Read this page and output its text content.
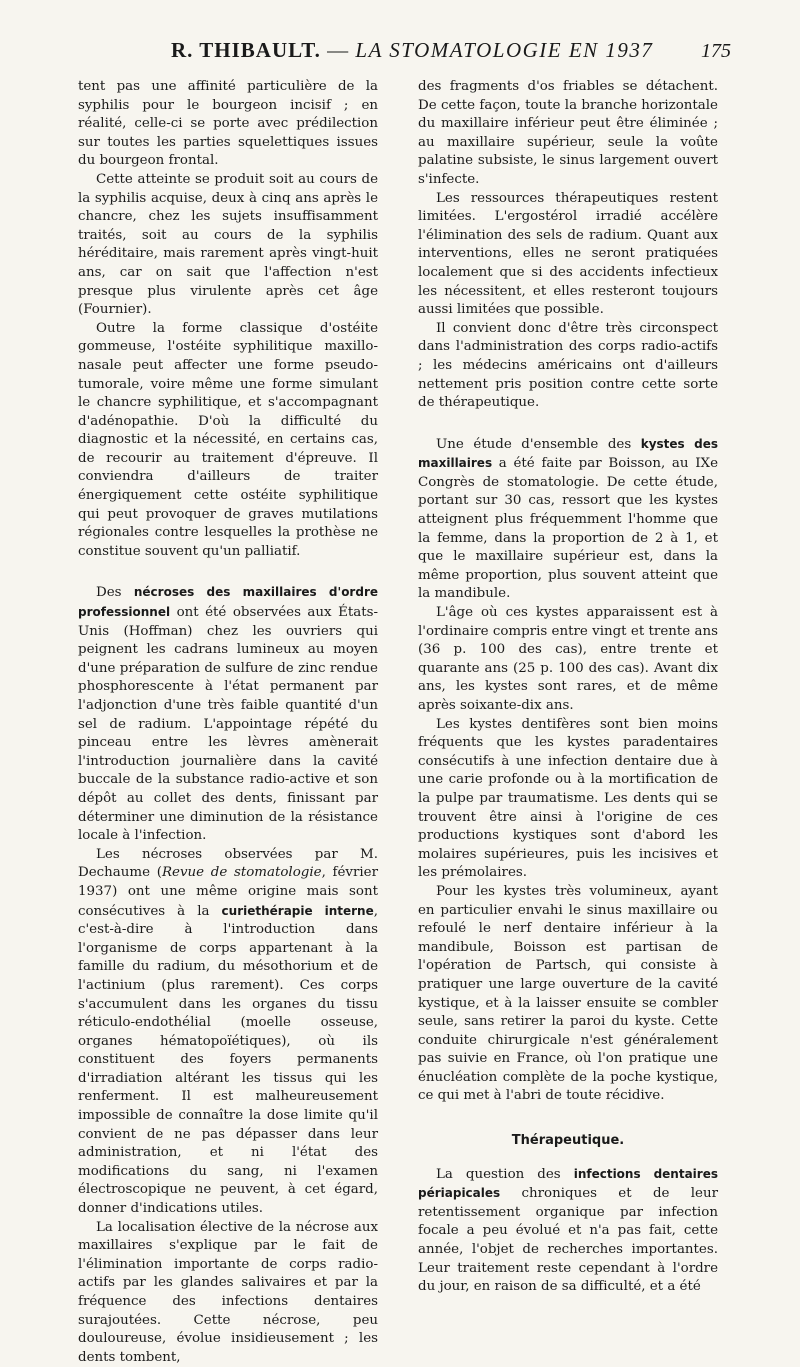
R. THIBAULT. — LA STOMATOLOGIE EN 1937 175

tent pas une affinité particulière de la syphilis pour le bourgeon incisif ; en réalité, celle-ci se porte avec prédilection sur toutes les parties squelettiques issues du bourgeon frontal.

Cette atteinte se produit soit au cours de la syphilis acquise, deux à cinq ans après le chancre, chez les sujets insuffisamment traités, soit au cours de la syphilis héréditaire, mais rarement après vingt-huit ans, car on sait que l'affection n'est presque plus virulente après cet âge (Fournier).

Outre la forme classique d'ostéite gommeuse, l'ostéite syphilitique maxillo-nasale peut affecter une forme pseudo-tumorale, voire même une forme simulant le chancre syphilitique, et s'accompagnant d'adénopathie. D'où la difficulté du diagnostic et la nécessité, en certains cas, de recourir au traitement d'épreuve. Il conviendra d'ailleurs de traiter énergiquement cette ostéite syphilitique qui peut provoquer de graves mutilations régionales contre lesquelles la prothèse ne constitue souvent qu'un palliatif.

Des nécroses des maxillaires d'ordre professionnel ont été observées aux États-Unis (Hoffman) chez les ouvriers qui peignent les cadrans lumineux au moyen d'une préparation de sulfure de zinc rendue phosphorescente à l'état permanent par l'adjonction d'une très faible quantité d'un sel de radium. L'appointage répété du pinceau entre les lèvres amènerait l'introduction journalière dans la cavité buccale de la substance radio-active et son dépôt au collet des dents, finissant par déterminer une diminution de la résistance locale à l'infection.

Les nécroses observées par M. Dechaume (Revue de stomatologie, février 1937) ont une même origine mais sont consécutives à la curiethérapie interne, c'est-à-dire à l'introduction dans l'organisme de corps appartenant à la famille du radium, du mésothorium et de l'actinium (plus rarement). Ces corps s'accumulent dans les organes du tissu réticulo-endothélial (moelle osseuse, organes hématopoïétiques), où ils constituent des foyers permanents d'irradiation altérant les tissus qui les renferment. Il est malheureusement impossible de connaître la dose limite qu'il convient de ne pas dépasser dans leur administration, et ni l'état des modifications du sang, ni l'examen électroscopique ne peuvent, à cet égard, donner d'indications utiles.

La localisation élective de la nécrose aux maxillaires s'explique par le fait de l'élimination importante de corps radio-actifs par les glandes salivaires et par la fréquence des infections dentaires surajoutées. Cette nécrose, peu douloureuse, évolue insidieusement ; les dents tombent,

des fragments d'os friables se détachent. De cette façon, toute la branche horizontale du maxillaire inférieur peut être éliminée ; au maxillaire supérieur, seule la voûte palatine subsiste, le sinus largement ouvert s'infecte.

Les ressources thérapeutiques restent limitées. L'ergostérol irradié accélère l'élimination des sels de radium. Quant aux interventions, elles ne seront pratiquées localement que si des accidents infectieux les nécessitent, et elles resteront toujours aussi limitées que possible.

Il convient donc d'être très circonspect dans l'administration des corps radio-actifs ; les médecins américains ont d'ailleurs nettement pris position contre cette sorte de thérapeutique.

Une étude d'ensemble des kystes des maxillaires a été faite par Boisson, au IXe Congrès de stomatologie. De cette étude, portant sur 30 cas, ressort que les kystes atteignent plus fréquemment l'homme que la femme, dans la proportion de 2 à 1, et que le maxillaire supérieur est, dans la même proportion, plus souvent atteint que la mandibule.

L'âge où ces kystes apparaissent est à l'ordinaire compris entre vingt et trente ans (36 p. 100 des cas), entre trente et quarante ans (25 p. 100 des cas). Avant dix ans, les kystes sont rares, et de même après soixante-dix ans.

Les kystes dentifères sont bien moins fréquents que les kystes paradentaires consécutifs à une infection dentaire due à une carie profonde ou à la mortification de la pulpe par traumatisme. Les dents qui se trouvent être ainsi à l'origine de ces productions kystiques sont d'abord les molaires supérieures, puis les incisives et les prémolaires.

Pour les kystes très volumineux, ayant en particulier envahi le sinus maxillaire ou refoulé le nerf dentaire inférieur à la mandibule, Boisson est partisan de l'opération de Partsch, qui consiste à pratiquer une large ouverture de la cavité kystique, et à la laisser ensuite se combler seule, sans retirer la paroi du kyste. Cette conduite chirurgicale n'est généralement pas suivie en France, où l'on pratique une énucléation complète de la poche kystique, ce qui met à l'abri de toute récidive.

Thérapeutique.

La question des infections dentaires périapicales chroniques et de leur retentissement organique par infection focale a peu évolué et n'a pas fait, cette année, l'objet de recherches importantes. Leur traitement reste cependant à l'ordre du jour, en raison de sa difficulté, et a été
